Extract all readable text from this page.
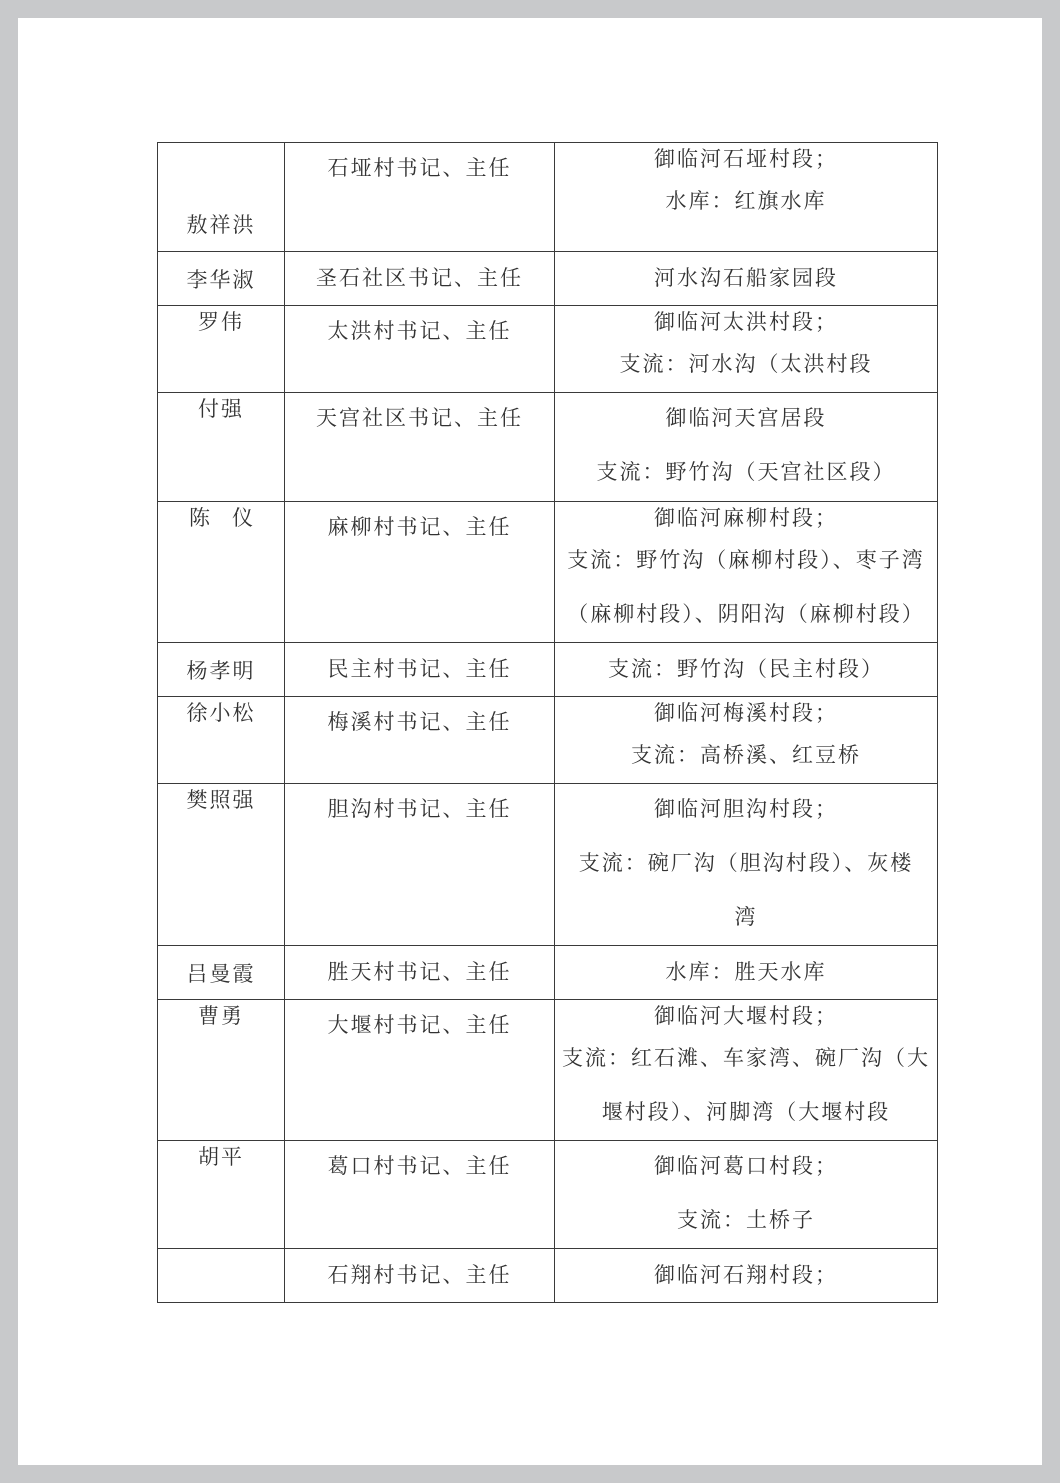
敖祥洪	石垭村书记、主任	御临河石垭村段；
水库：红旗水库

李华淑	圣石社区书记、主任	河水沟石船家园段

罗伟	太洪村书记、主任	御临河太洪村段；
支流：河水沟（太洪村段

付强	天宫社区书记、主任	御临河天宫居段
支流：野竹沟（天宫社区段）

陈仪	麻柳村书记、主任	御临河麻柳村段；
支流：野竹沟（麻柳村段）、枣子湾
（麻柳村段）、阴阳沟（麻柳村段）

杨孝明	民主村书记、主任	支流：野竹沟（民主村段）

徐小松	梅溪村书记、主任	御临河梅溪村段；
支流：高桥溪、红豆桥

樊照强	胆沟村书记、主任	御临河胆沟村段；
支流：碗厂沟（胆沟村段）、灰楼
湾

吕曼霞	胜天村书记、主任	水库：胜天水库

曹勇	大堰村书记、主任	御临河大堰村段；
支流：红石滩、车家湾、碗厂沟（大
堰村段）、河脚湾（大堰村段

胡平	葛口村书记、主任	御临河葛口村段；
支流：土桥子

	石翔村书记、主任	御临河石翔村段；
